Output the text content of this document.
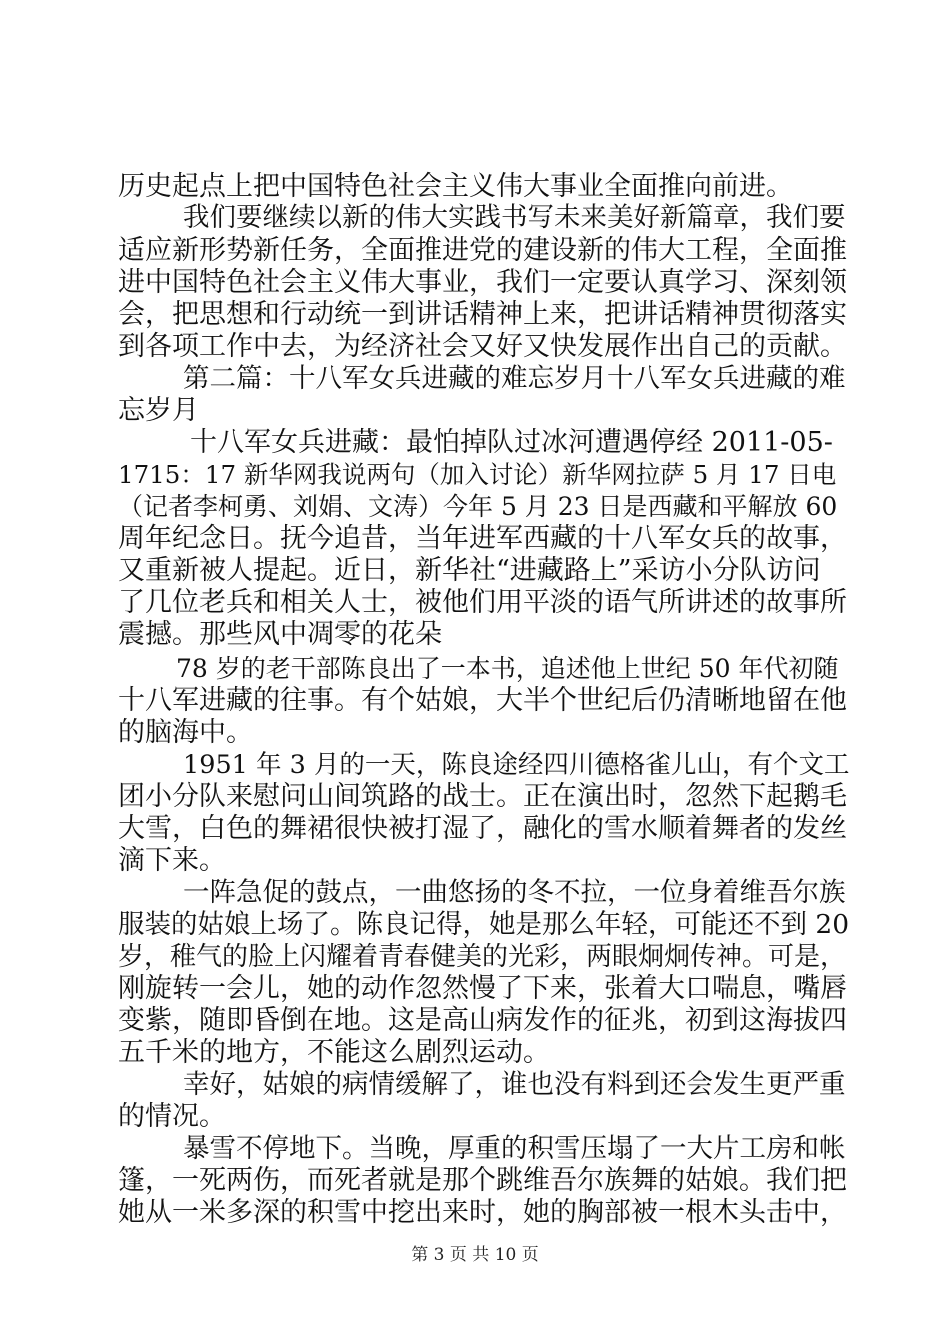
历史起点上把中国特色社会主义伟大事业全面推向前进。
我们要继续以新的伟大实践书写未来美好新篇章，我们要
适应新形势新任务，全面推进党的建设新的伟大工程，全面推
进中国特色社会主义伟大事业，我们一定要认真学习、深刻领
会，把思想和行动统一到讲话精神上来，把讲话精神贯彻落实
到各项工作中去，为经济社会又好又快发展作出自己的贡献。
第二篇：十八军女兵进藏的难忘岁月十八军女兵进藏的难
忘岁月
十八军女兵进藏：最怕掉队过冰河遭遇停经 2011-05-
1715：17 新华网我说两句（加入讨论）新华网拉萨 5 月 17 日电
（记者李柯勇、刘娟、文涛）今年 5 月 23 日是西藏和平解放 60
周年纪念日。抚今追昔，当年进军西藏的十八军女兵的故事，
又重新被人提起。近日，新华社“进藏路上”采访小分队访问
了几位老兵和相关人士，被他们用平淡的语气所讲述的故事所
震撼。那些风中凋零的花朵
78 岁的老干部陈良出了一本书，追述他上世纪 50 年代初随
十八军进藏的往事。有个姑娘，大半个世纪后仍清晰地留在他
的脑海中。
1951 年 3 月的一天，陈良途经四川德格雀儿山，有个文工
团小分队来慰问山间筑路的战士。正在演出时，忽然下起鹅毛
大雪，白色的舞裙很快被打湿了，融化的雪水顺着舞者的发丝
滴下来。
一阵急促的鼓点，一曲悠扬的冬不拉，一位身着维吾尔族
服装的姑娘上场了。陈良记得，她是那么年轻，可能还不到 20
岁，稚气的脸上闪耀着青春健美的光彩，两眼炯炯传神。可是，
刚旋转一会儿，她的动作忽然慢了下来，张着大口喘息，嘴唇
变紫，随即昏倒在地。这是高山病发作的征兆，初到这海拔四
五千米的地方，不能这么剧烈运动。
幸好，姑娘的病情缓解了，谁也没有料到还会发生更严重
的情况。
暴雪不停地下。当晚，厚重的积雪压塌了一大片工房和帐
篷，一死两伤，而死者就是那个跳维吾尔族舞的姑娘。我们把
她从一米多深的积雪中挖出来时，她的胸部被一根木头击中，
第 3 页 共 10 页
